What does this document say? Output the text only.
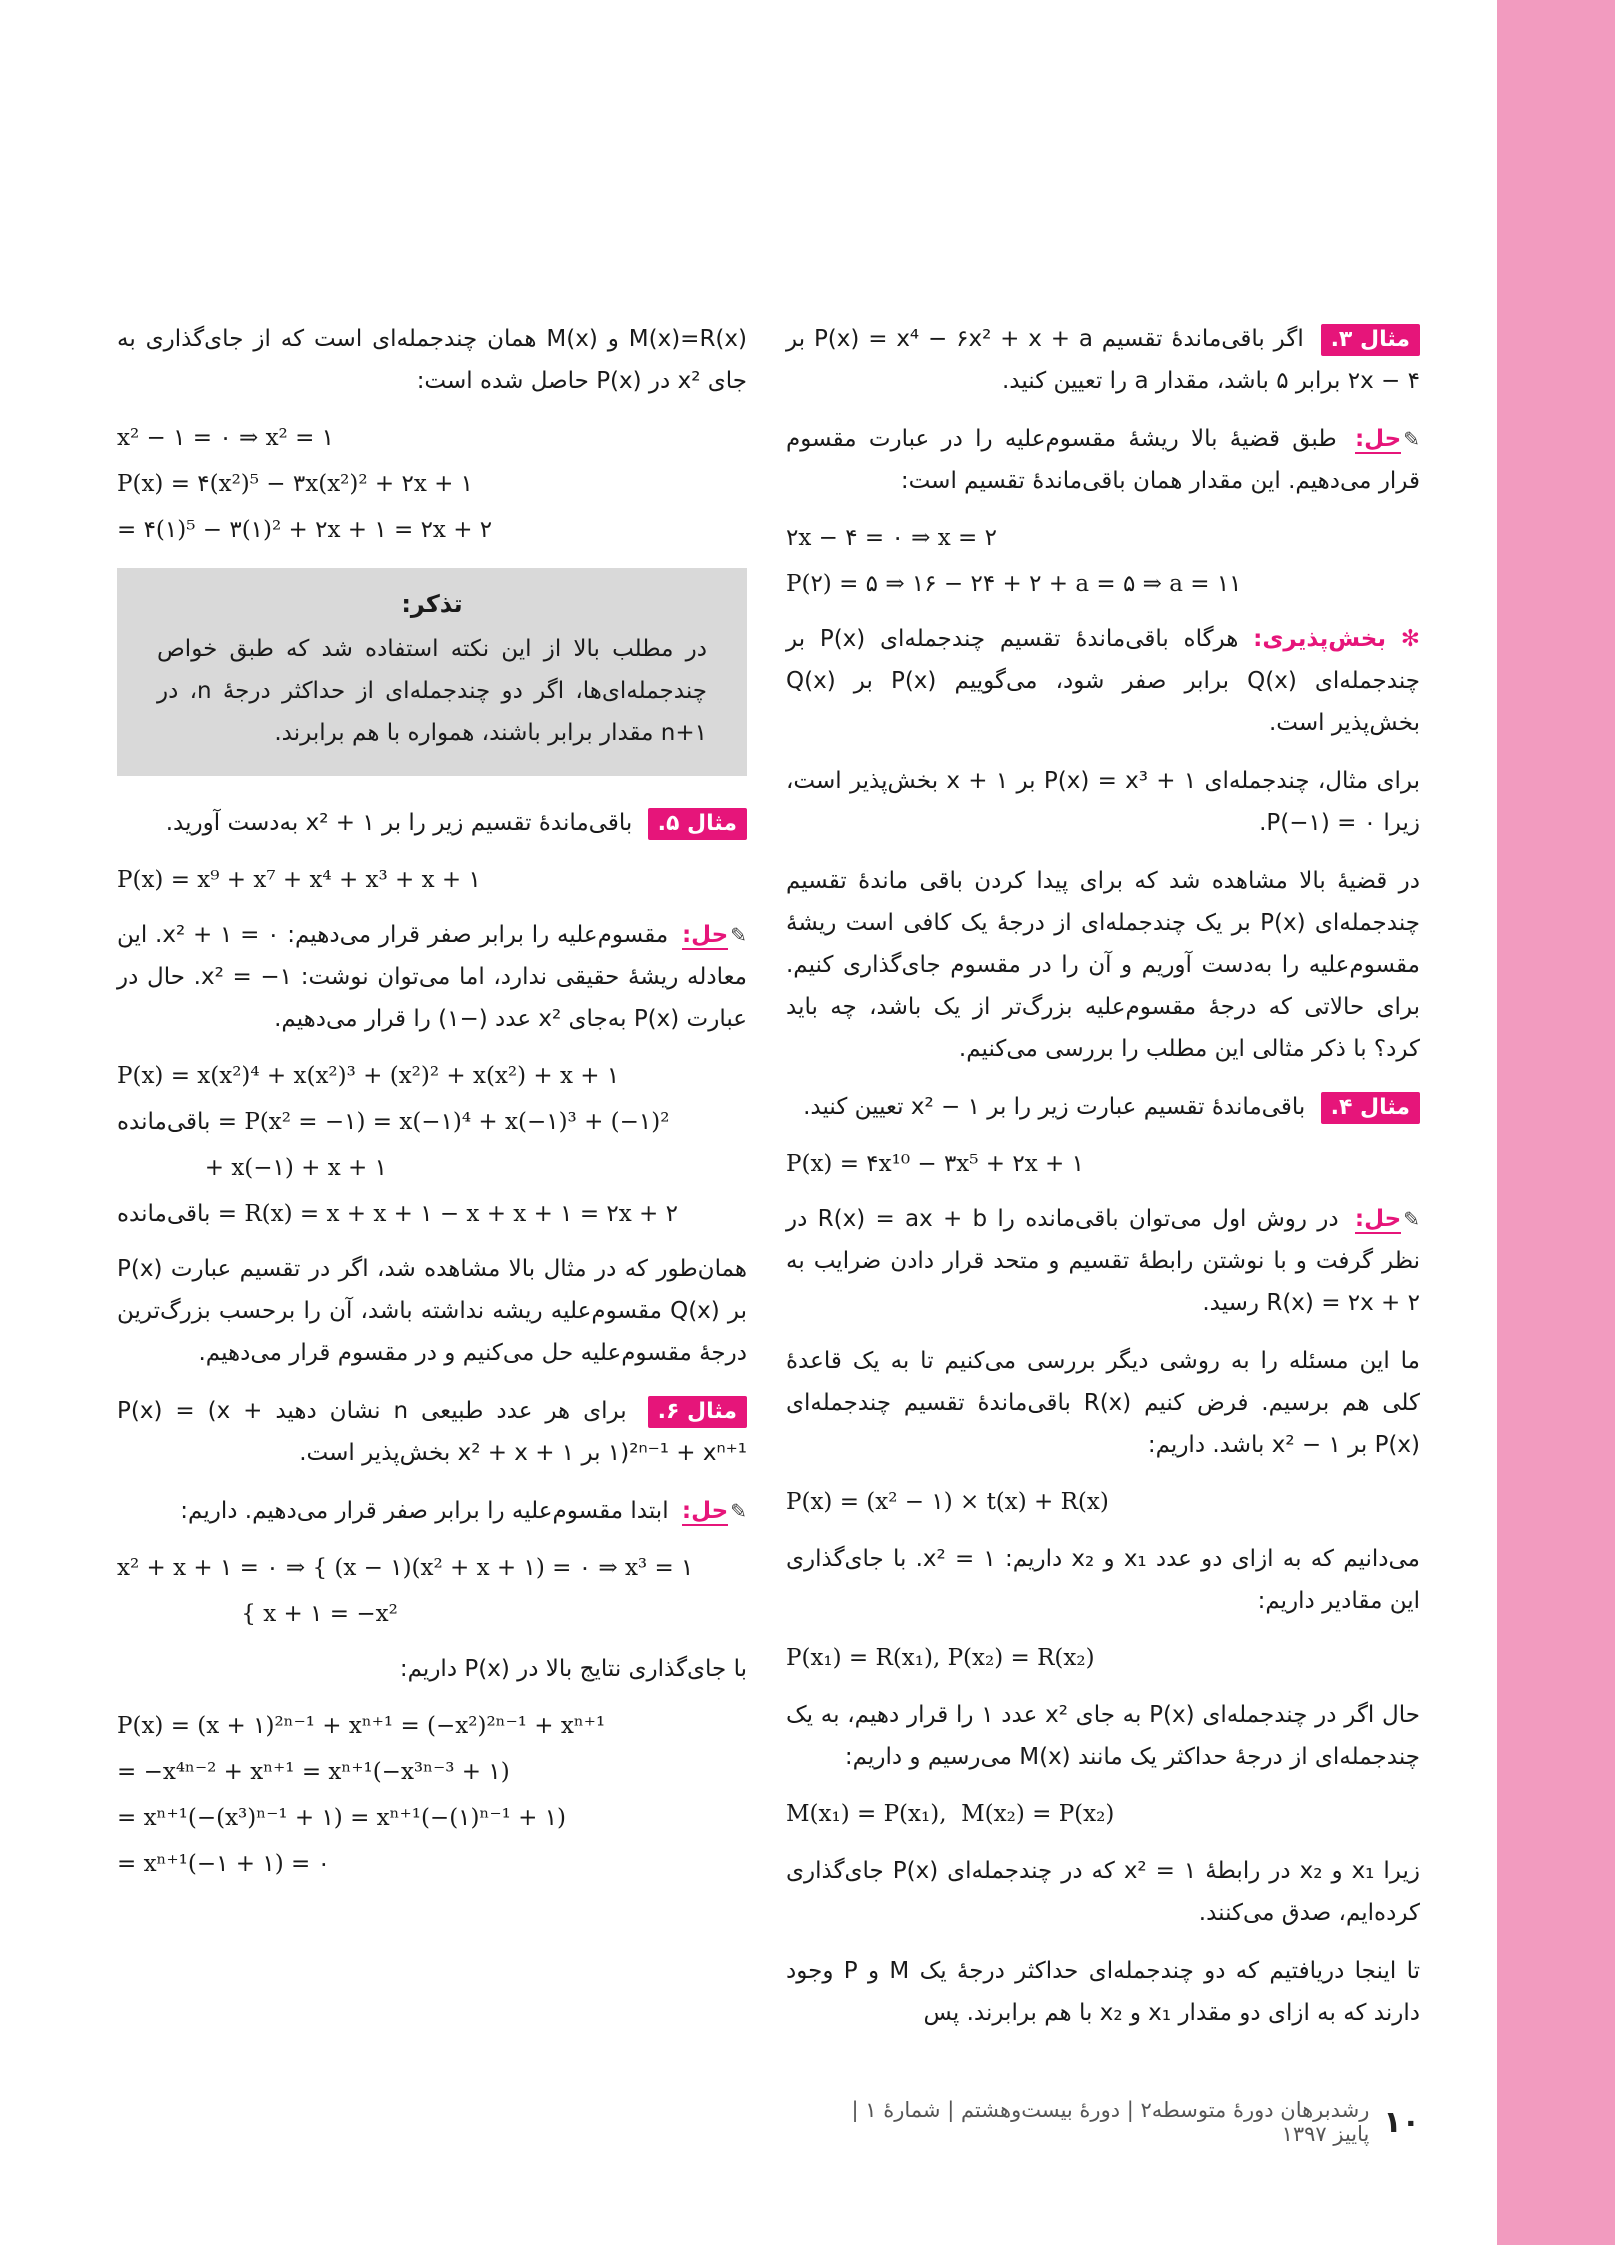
مثال ۳. اگر باقی‌ماندهٔ تقسیم P(x) = x⁴ − ۶x² + x + a بر ۲x − ۴ برابر ۵ باشد، مقدار a را تعیین کنید.

✎حل: طبق قضیهٔ بالا ریشهٔ مقسوم‌علیه را در عبارت مقسوم قرار می‌دهیم. این مقدار همان باقی‌ماندهٔ تقسیم است:

۲x − ۴ = ۰ ⇒ x = ۲
P(۲) = ۵ ⇒ ۱۶ − ۲۴ + ۲ + a = ۵ ⇒ a = ۱۱

✻ بخش‌پذیری: هرگاه باقی‌ماندهٔ تقسیم چندجمله‌ای P(x) بر چندجمله‌ای Q(x) برابر صفر شود، می‌گوییم P(x) بر Q(x) بخش‌پذیر است.

برای مثال، چندجمله‌ای P(x) = x³ + ۱ بر x + ۱ بخش‌پذیر است، زیرا P(−۱) = ۰.

در قضیهٔ بالا مشاهده شد که برای پیدا کردن باقی ماندهٔ تقسیم چندجمله‌ای P(x) بر یک چندجمله‌ای از درجهٔ یک کافی است ریشهٔ مقسوم‌علیه را به‌دست آوریم و آن را در مقسوم جای‌گذاری کنیم. برای حالاتی که درجهٔ مقسوم‌علیه بزرگ‌تر از یک باشد، چه باید کرد؟ با ذکر مثالی این مطلب را بررسی می‌کنیم.

مثال ۴. باقی‌ماندهٔ تقسیم عبارت زیر را بر x² − ۱ تعیین کنید.

P(x) = ۴x¹⁰ − ۳x⁵ + ۲x + ۱

✎حل: در روش اول می‌توان باقی‌مانده را R(x) = ax + b در نظر گرفت و با نوشتن رابطهٔ تقسیم و متحد قرار دادن ضرایب به R(x) = ۲x + ۲ رسید.

ما این مسئله را به روشی دیگر بررسی می‌کنیم تا به یک قاعدهٔ کلی هم برسیم. فرض کنیم R(x) باقی‌ماندهٔ تقسیم چندجمله‌ای P(x) بر x² − ۱ باشد. داریم:

P(x) = (x² − ۱) × t(x) + R(x)

می‌دانیم که به ازای دو عدد x₁ و x₂ داریم: x² = ۱. با جای‌گذاری این مقادیر داریم:

P(x₁) = R(x₁), P(x₂) = R(x₂)

حال اگر در چندجمله‌ای P(x) به جای x² عدد ۱ را قرار دهیم، به یک چندجمله‌ای از درجهٔ حداکثر یک مانند M(x) می‌رسیم و داریم:

M(x₁) = P(x₁),  M(x₂) = P(x₂)

زیرا x₁ و x₂ در رابطهٔ x² = ۱ که در چندجمله‌ای P(x) جای‌گذاری کرده‌ایم، صدق می‌کنند.

تا اینجا دریافتیم که دو چندجمله‌ای حداکثر درجهٔ یک M و P وجود دارند که به ازای دو مقدار x₁ و x₂ با هم برابرند. پس

M(x)=R(x) و M(x) همان چندجمله‌ای است که از جای‌گذاری به جای x² در P(x) حاصل شده است:

x² − ۱ = ۰ ⇒ x² = ۱
P(x) = ۴(x²)⁵ − ۳x(x²)² + ۲x + ۱
= ۴(۱)⁵ − ۳(۱)² + ۲x + ۱ = ۲x + ۲
تذکر:

در مطلب بالا از این نکته استفاده شد که طبق خواص چندجمله‌ای‌ها، اگر دو چندجمله‌ای از حداکثر درجهٔ n، در n+۱ مقدار برابر باشند، همواره با هم برابرند.

مثال ۵. باقی‌ماندهٔ تقسیم زیر را بر x² + ۱ به‌دست آورید.

P(x) = x⁹ + x⁷ + x⁴ + x³ + x + ۱

✎حل: مقسوم‌علیه را برابر صفر قرار می‌دهیم: x² + ۱ = ۰. این معادله ریشهٔ حقیقی ندارد، اما می‌توان نوشت: x² = −۱. حال در عبارت P(x) به‌جای x² عدد (−۱) را قرار می‌دهیم.

P(x) = x(x²)⁴ + x(x²)³ + (x²)² + x(x²) + x + ۱
باقی‌مانده = P(x² = −۱) = x(−۱)⁴ + x(−۱)³ + (−۱)²
+ x(−۱) + x + ۱
باقی‌مانده = R(x) = x + x + ۱ − x + x + ۱ = ۲x + ۲

همان‌طور که در مثال بالا مشاهده شد، اگر در تقسیم عبارت P(x) بر Q(x) مقسوم‌علیه ریشه نداشته باشد، آن را برحسب بزرگ‌ترین درجهٔ مقسوم‌علیه حل می‌کنیم و در مقسوم قرار می‌دهیم.

مثال ۶. برای هر عدد طبیعی n نشان دهید P(x) = (x + ۱)²ⁿ⁻¹ + xⁿ⁺¹ بر x² + x + ۱ بخش‌پذیر است.

✎حل: ابتدا مقسوم‌علیه را برابر صفر قرار می‌دهیم. داریم:

x² + x + ۱ = ۰ ⇒ { (x − ۱)(x² + x + ۱) = ۰ ⇒ x³ = ۱
{ x + ۱ = −x²

با جای‌گذاری نتایج بالا در P(x) داریم:

P(x) = (x + ۱)²ⁿ⁻¹ + xⁿ⁺¹ = (−x²)²ⁿ⁻¹ + xⁿ⁺¹
= −x⁴ⁿ⁻² + xⁿ⁺¹ = xⁿ⁺¹(−x³ⁿ⁻³ + ۱)
= xⁿ⁺¹(−(x³)ⁿ⁻¹ + ۱) = xⁿ⁺¹(−(۱)ⁿ⁻¹ + ۱)
= xⁿ⁺¹(−۱ + ۱) = ۰
۱۰
رشدبرهان دورهٔ متوسطه۲ | دورهٔ بیست‌وهشتم | شمارهٔ ۱ | پاییز ۱۳۹۷
